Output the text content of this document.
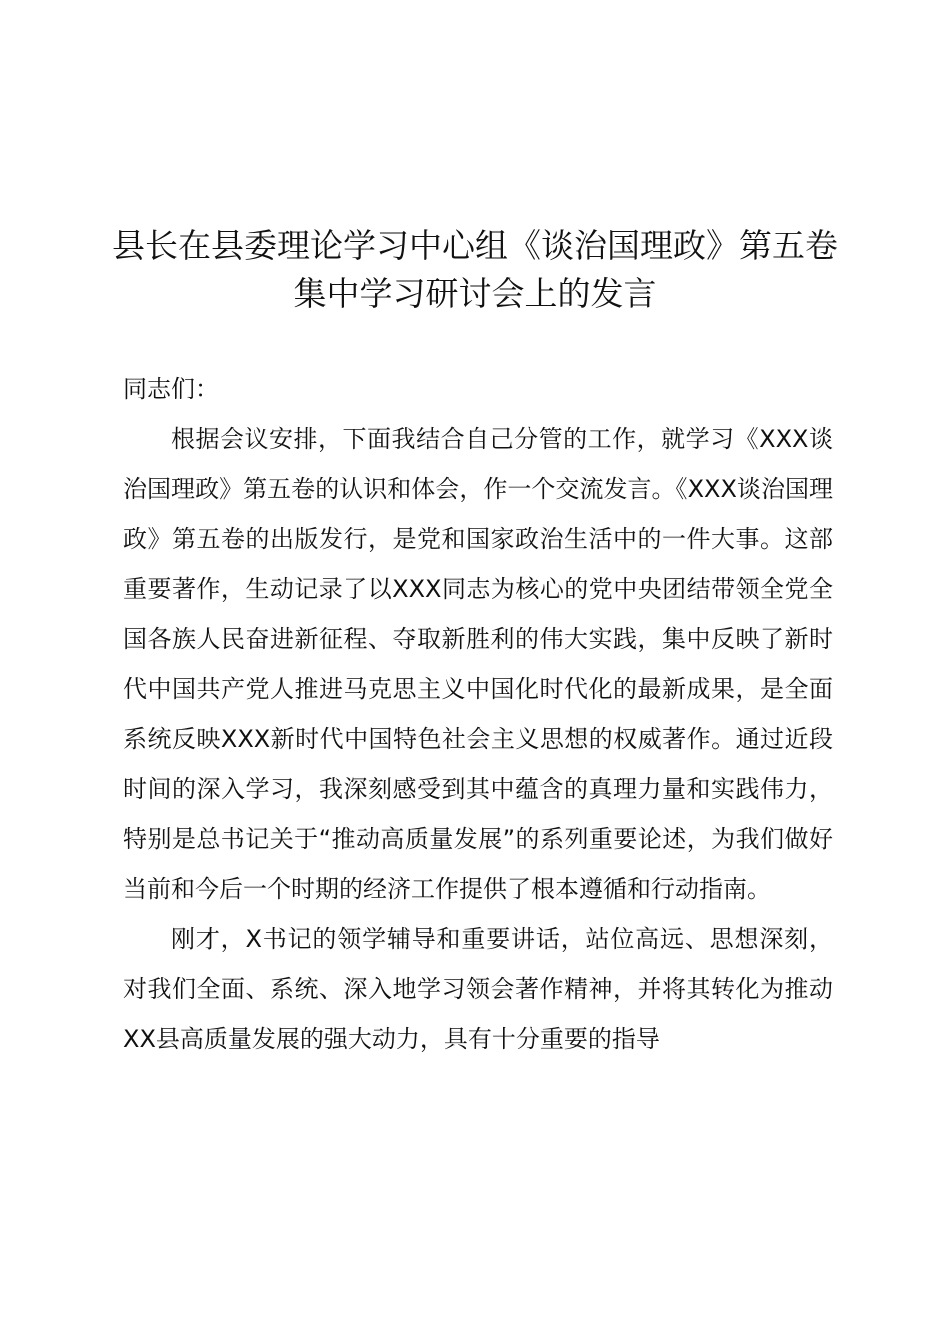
县长在县委理论学习中心组《谈治国理政》第五卷集中学习研讨会上的发言

同志们：

根据会议安排，下面我结合自己分管的工作，就学习《XXX谈治国理政》第五卷的认识和体会，作一个交流发言。《XXX谈治国理政》第五卷的出版发行，是党和国家政治生活中的一件大事。这部重要著作，生动记录了以XXX同志为核心的党中央团结带领全党全国各族人民奋进新征程、夺取新胜利的伟大实践，集中反映了新时代中国共产党人推进马克思主义中国化时代化的最新成果，是全面系统反映XXX新时代中国特色社会主义思想的权威著作。通过近段时间的深入学习，我深刻感受到其中蕴含的真理力量和实践伟力，特别是总书记关于“推动高质量发展”的系列重要论述，为我们做好当前和今后一个时期的经济工作提供了根本遵循和行动指南。

刚才，X书记的领学辅导和重要讲话，站位高远、思想深刻，对我们全面、系统、深入地学习领会著作精神，并将其转化为推动XX县高质量发展的强大动力，具有十分重要的指导
